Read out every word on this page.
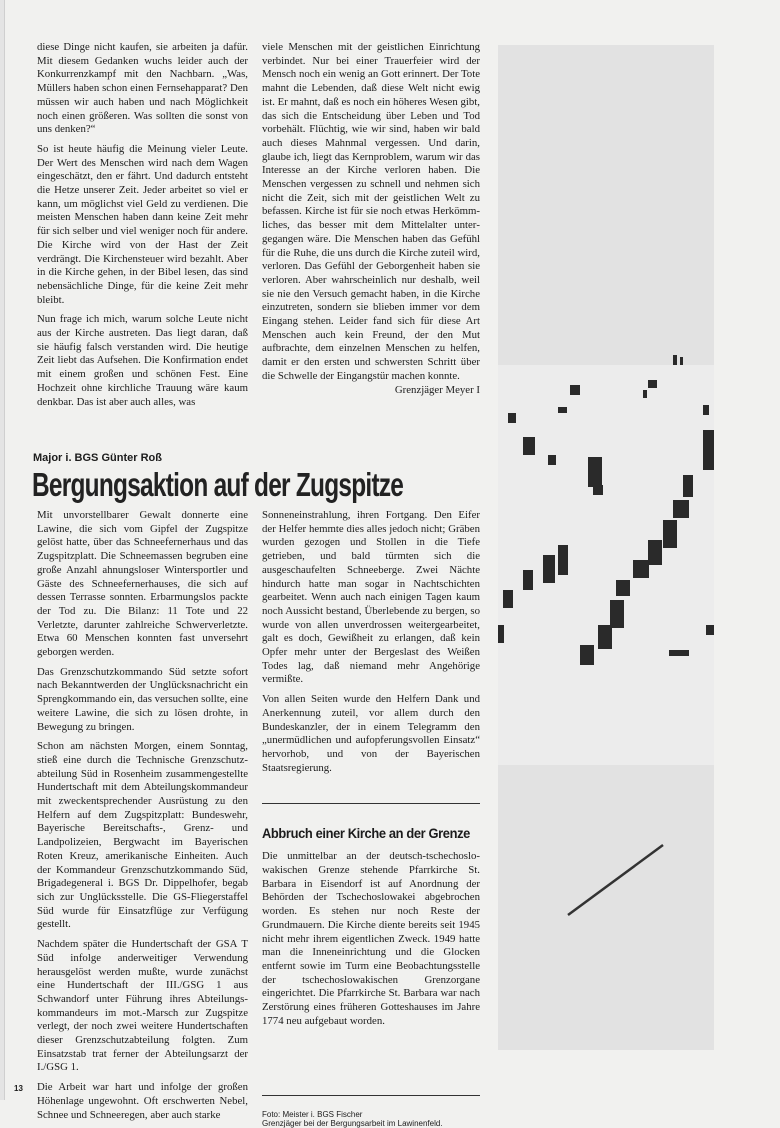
diese Dinge nicht kaufen, sie arbeiten ja dafür. Mit diesem Gedanken wuchs leider auch der Konkurrenzkampf mit den Nachbarn. „Was, Müllers haben schon einen Fernsehapparat? Den müssen wir auch haben und nach Möglichkeit noch einen größeren. Was sollten die sonst von uns denken?“

So ist heute häufig die Meinung vieler Leute. Der Wert des Menschen wird nach dem Wagen eingeschätzt, den er fährt. Und dadurch entsteht die Hetze unserer Zeit. Jeder arbeitet so viel er kann, um möglichst viel Geld zu verdienen. Die meisten Menschen haben dann keine Zeit mehr für sich selber und viel weniger noch für andere. Die Kirche wird von der Hast der Zeit verdrängt. Die Kirchensteuer wird bezahlt. Aber in die Kirche gehen, in der Bibel lesen, das sind nebensächliche Dinge, für die keine Zeit mehr bleibt.

Nun frage ich mich, warum solche Leute nicht aus der Kirche austreten. Das liegt daran, daß sie häufig falsch verstanden wird. Die heutige Zeit liebt das Aufsehen. Die Konfirmation endet mit einem großen und schönen Fest. Eine Hochzeit ohne kirchliche Trauung wäre kaum denkbar. Das ist aber auch alles, was

viele Menschen mit der geistlichen Einrichtung verbindet. Nur bei einer Trauerfeier wird der Mensch noch ein wenig an Gott erinnert. Der Tote mahnt die Lebenden, daß diese Welt nicht ewig ist. Er mahnt, daß es noch ein höheres Wesen gibt, das sich die Entscheidung über Leben und Tod vorbehält. Flüchtig, wie wir sind, haben wir bald auch dieses Mahnmal vergessen. Und darin, glaube ich, liegt das Kernproblem, warum wir das Interesse an der Kirche verloren haben. Die Menschen vergessen zu schnell und nehmen sich nicht die Zeit, sich mit der geistlichen Welt zu befassen. Kirche ist für sie noch etwas Herkömmliches, das besser mit dem Mittelalter untergegangen wäre. Die Menschen haben das Gefühl für die Ruhe, die uns durch die Kirche zuteil wird, verloren. Das Gefühl der Geborgenheit haben sie verloren. Aber wahrscheinlich nur deshalb, weil sie nie den Versuch gemacht haben, in die Kirche einzutreten, sondern sie blieben immer vor dem Eingang stehen. Leider fand sich für diese Art Menschen auch kein Freund, der den Mut aufbrachte, dem einzelnen Menschen zu helfen, damit er den ersten und schwersten Schritt über die Schwelle der Eingangstür machen konnte.

Grenzjäger Meyer I

Major i. BGS Günter Roß
Bergungsaktion auf der Zugspitze

Mit unvorstellbarer Gewalt donnerte eine Lawine, die sich vom Gipfel der Zugspitze gelöst hatte, über das Schneefernerhaus und das Zugspitzplatt. Die Schneemassen begruben eine große Anzahl ahnungsloser Wintersportler und Gäste des Schneefernerhauses, die sich auf dessen Terrasse sonnten. Erbarmungslos packte der Tod zu. Die Bilanz: 11 Tote und 22 Verletzte, darunter zahlreiche Schwerverletzte. Etwa 60 Menschen konnten fast unversehrt geborgen werden.

Das Grenzschutzkommando Süd setzte sofort nach Bekanntwerden der Unglücksnachricht ein Sprengkommando ein, das versuchen sollte, eine weitere Lawine, die sich zu lösen drohte, in Bewegung zu bringen.

Schon am nächsten Morgen, einem Sonntag, stieß eine durch die Technische Grenzschutzabteilung Süd in Rosenheim zusammengestellte Hundertschaft mit dem Abteilungskommandeur mit zweckentsprechender Ausrüstung zu den Helfern auf dem Zugspitzplatt: Bundeswehr, Bayerische Bereitschafts-, Grenz- und Landpolizeien, Bergwacht im Bayerischen Roten Kreuz, amerikanische Einheiten. Auch der Kommandeur Grenzschutzkommando Süd, Brigadegeneral i. BGS Dr. Dippelhofer, begab sich zur Unglücksstelle. Die GS-Fliegerstaffel Süd wurde für Einsatzflüge zur Verfügung gestellt.

Nachdem später die Hundertschaft der GSA T Süd infolge anderweitiger Verwendung herausgelöst werden mußte, wurde zunächst eine Hundertschaft der III./GSG 1 aus Schwandorf unter Führung ihres Abteilungskommandeurs im mot.-Marsch zur Zugspitze verlegt, der noch zwei weitere Hundertschaften dieser Grenzschutzabteilung folgten. Zum Einsatzstab trat ferner der Abteilungsarzt der I./GSG 1.

Die Arbeit war hart und infolge der großen Höhenlage ungewohnt. Oft erschwerten Nebel, Schnee und Schneeregen, aber auch starke

Sonneneinstrahlung, ihren Fortgang. Den Eifer der Helfer hemmte dies alles jedoch nicht; Gräben wurden gezogen und Stollen in die Tiefe getrieben, und bald türmten sich die ausgeschaufelten Schneeberge. Zwei Nächte hindurch hatte man sogar in Nachtschichten gearbeitet. Wenn auch nach einigen Tagen kaum noch Aussicht bestand, Überlebende zu bergen, so wurde von allen unverdrossen weitergearbeitet, galt es doch, Gewißheit zu erlangen, daß kein Opfer mehr unter der Bergeslast des Weißen Todes lag, daß niemand mehr Angehörige vermißte.

Von allen Seiten wurde den Helfern Dank und Anerkennung zuteil, vor allem durch den Bundeskanzler, der in einem Telegramm den „unermüdlichen und aufopferungsvollen Einsatz“ hervorhob, und von der Bayerischen Staatsregierung.

Abbruch einer Kirche an der Grenze

Die unmittelbar an der deutsch-tschechoslowakischen Grenze stehende Pfarrkirche St. Barbara in Eisendorf ist auf Anordnung der Behörden der Tschechoslowakei abgebrochen worden. Es stehen nur noch Reste der Grundmauern. Die Kirche diente bereits seit 1945 nicht mehr ihrem eigentlichen Zweck. 1949 hatte man die Inneneinrichtung und die Glocken entfernt sowie im Turm eine Beobachtungsstelle der tschechoslowakischen Grenzorgane eingerichtet. Die Pfarrkirche St. Barbara war nach Zerstörung eines früheren Gotteshauses im Jahre 1774 neu aufgebaut worden.

Foto: Meister i. BGS Fischer
Grenzjäger bei der Bergungsarbeit im Lawinenfeld.
13
